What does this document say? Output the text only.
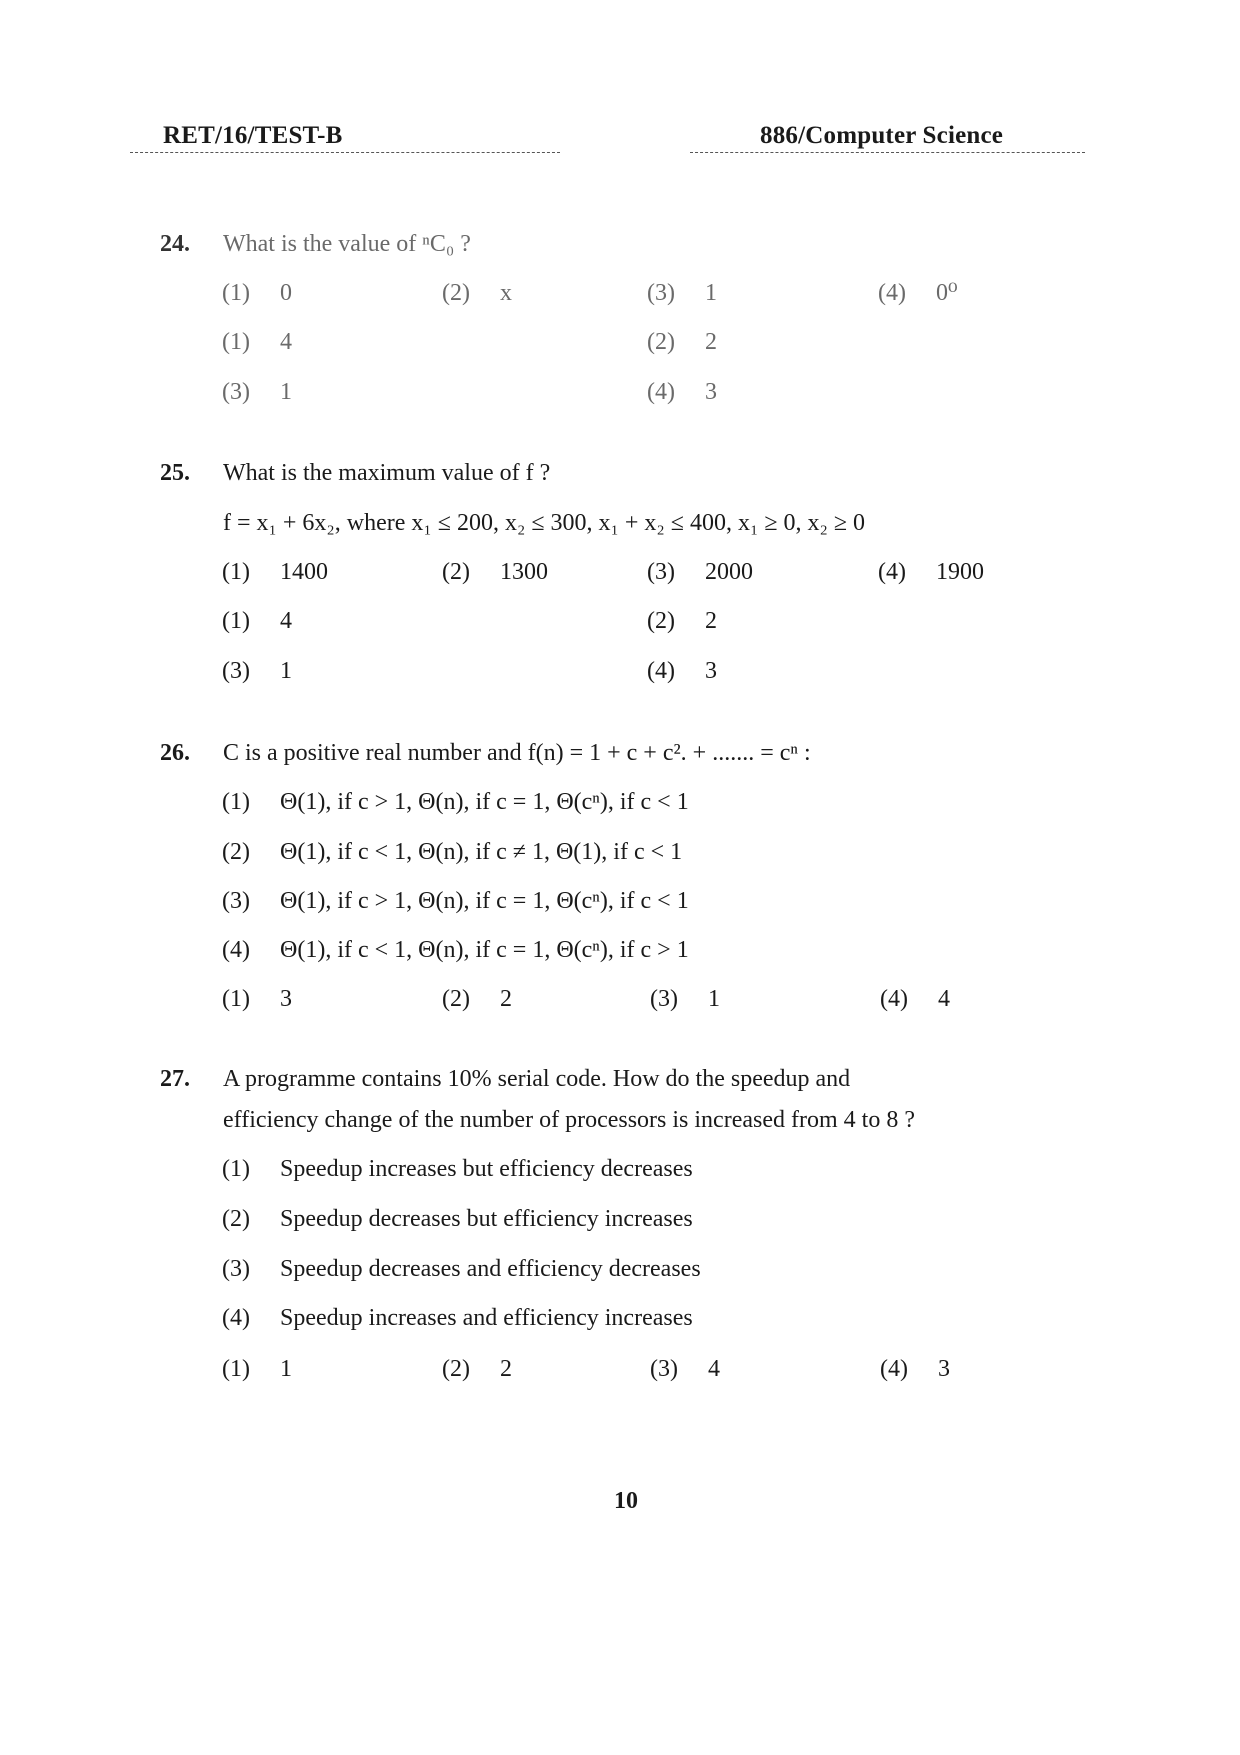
RET/16/TEST-B	886/Computer Science
24. What is the value of ⁿC₀ ?
(1) 0	(2) x	(3) 1	(4) 0⁰
(1) 4	(2) 2
(3) 1	(4) 3
25. What is the maximum value of f ?
f = x₁ + 6x₂, where x₁ ≤ 200, x₂ ≤ 300, x₁ + x₂ ≤ 400, x₁ ≥ 0, x₂ ≥ 0
(1) 1400	(2) 1300	(3) 2000	(4) 1900
(1) 4	(2) 2
(3) 1	(4) 3
26. C is a positive real number and f(n) = 1 + c + c². + ....... = cⁿ :
(1) Θ(1), if c > 1, Θ(n), if c = 1, Θ(cⁿ), if c < 1
(2) Θ(1), if c < 1, Θ(n), if c ≠ 1, Θ(1), if c < 1
(3) Θ(1), if c > 1, Θ(n), if c = 1, Θ(cⁿ), if c < 1
(4) Θ(1), if c < 1, Θ(n), if c = 1, Θ(cⁿ), if c > 1
(1) 3	(2) 2	(3) 1	(4) 4
27. A programme contains 10% serial code. How do the speedup and
efficiency change of the number of processors is increased from 4 to 8 ?
(1) Speedup increases but efficiency decreases
(2) Speedup decreases but efficiency increases
(3) Speedup decreases and efficiency decreases
(4) Speedup increases and efficiency increases
(1) 1	(2) 2	(3) 4	(4) 3
10
